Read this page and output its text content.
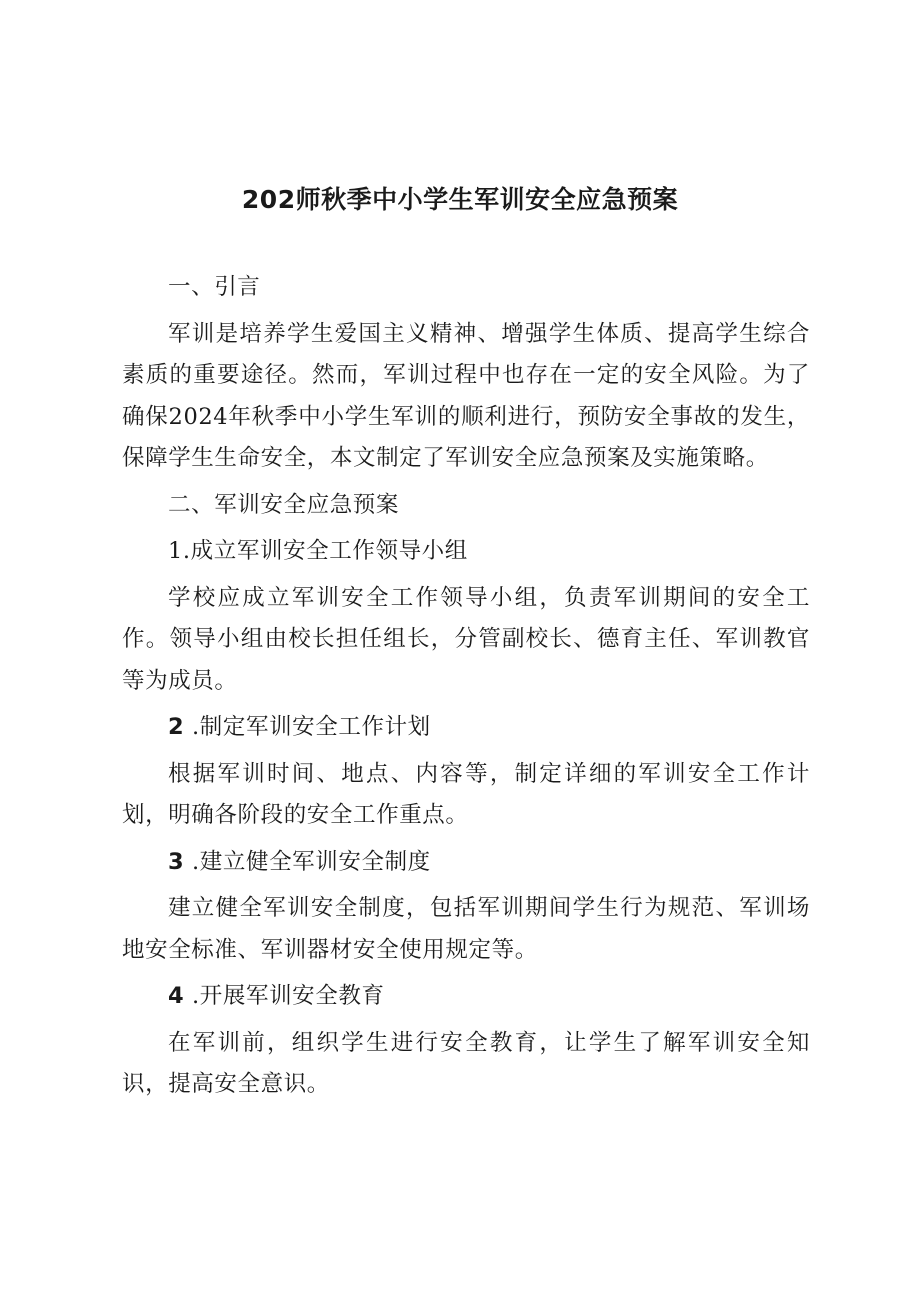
202师秋季中小学生军训安全应急预案

一、引言

军训是培养学生爱国主义精神、增强学生体质、提高学生综合素质的重要途径。然而，军训过程中也存在一定的安全风险。为了确保2024年秋季中小学生军训的顺利进行，预防安全事故的发生，保障学生生命安全，本文制定了军训安全应急预案及实施策略。

二、军训安全应急预案

1.成立军训安全工作领导小组

学校应成立军训安全工作领导小组，负责军训期间的安全工作。领导小组由校长担任组长，分管副校长、德育主任、军训教官等为成员。

2 .制定军训安全工作计划

根据军训时间、地点、内容等，制定详细的军训安全工作计划，明确各阶段的安全工作重点。

3 .建立健全军训安全制度

建立健全军训安全制度，包括军训期间学生行为规范、军训场地安全标准、军训器材安全使用规定等。

4 .开展军训安全教育

在军训前，组织学生进行安全教育，让学生了解军训安全知识，提高安全意识。
